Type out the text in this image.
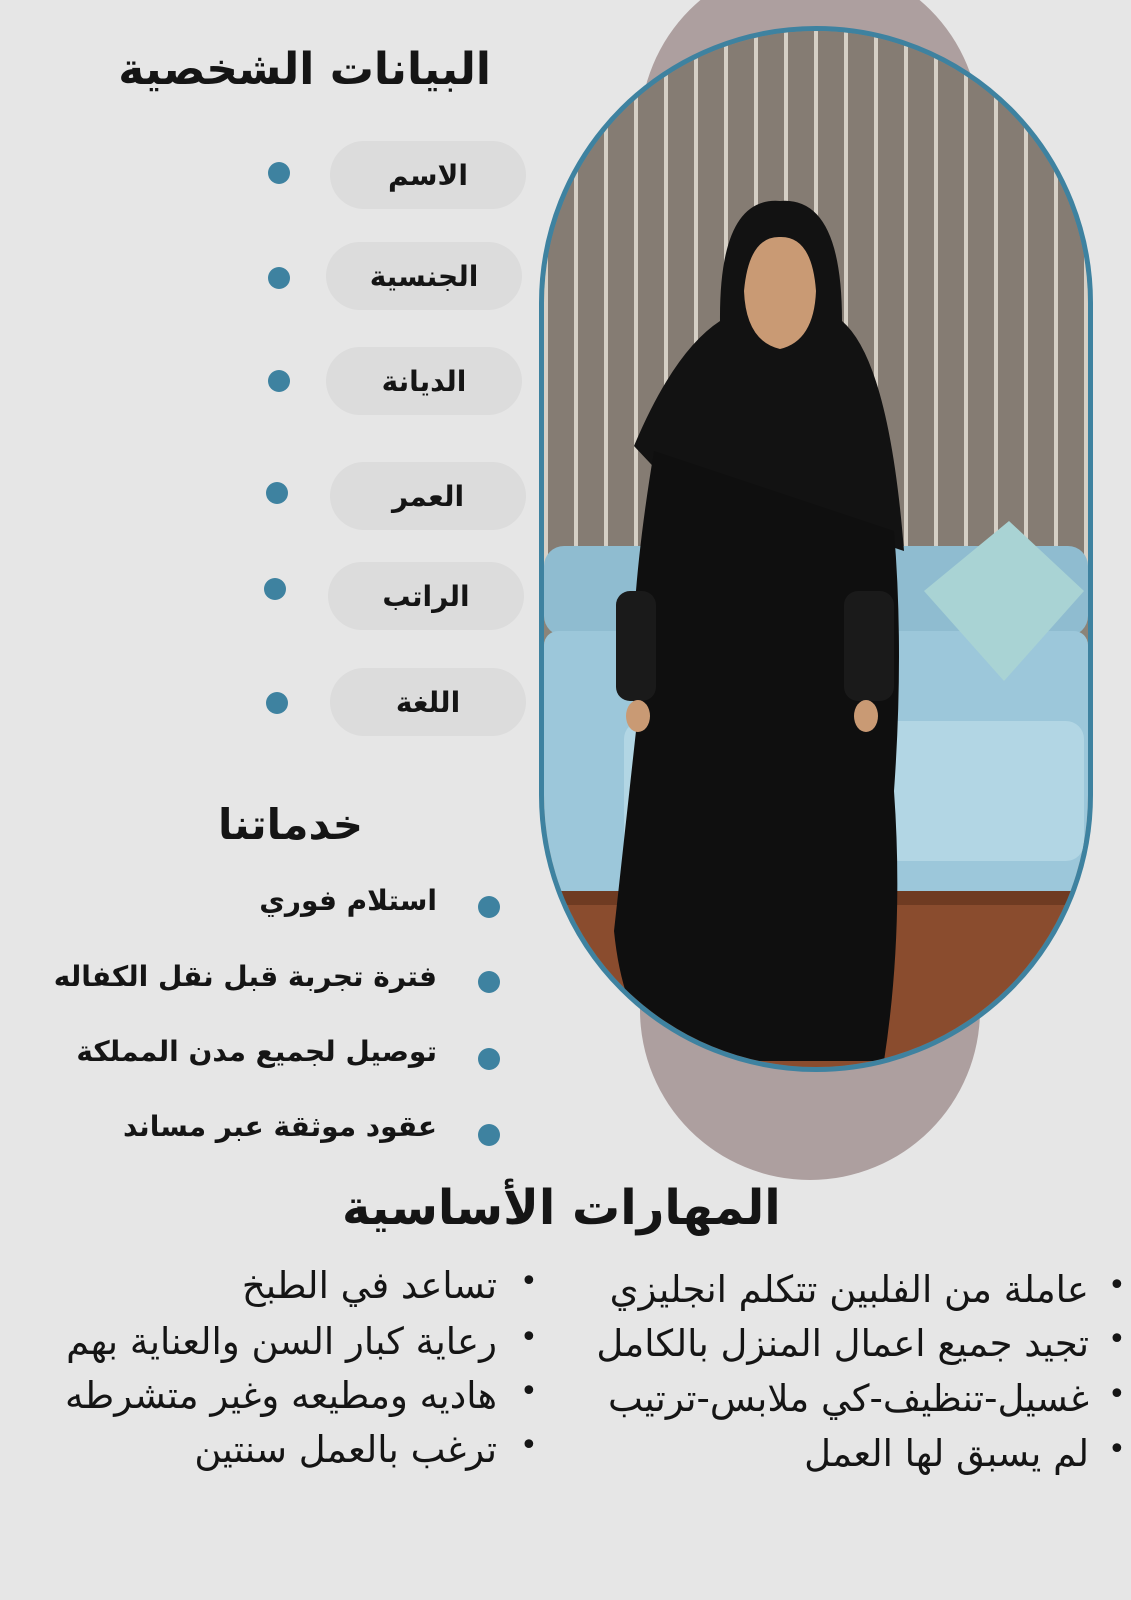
البيانات الشخصية
الاسم
الجنسية
الديانة
العمر
الراتب
اللغة
خدماتنا
استلام فوري
فترة تجربة قبل نقل الكفاله
توصيل لجميع مدن المملكة
عقود موثقة عبر مساند
المهارات الأساسية
•
عاملة من الفلبين تتكلم انجليزي
•
تجيد جميع اعمال المنزل بالكامل
•
غسيل-تنظيف-كي ملابس-ترتيب
•
لم يسبق لها العمل
•
تساعد في الطبخ
•
رعاية كبار السن والعناية بهم
•
هاديه ومطيعه وغير متشرطه
•
ترغب بالعمل سنتين
